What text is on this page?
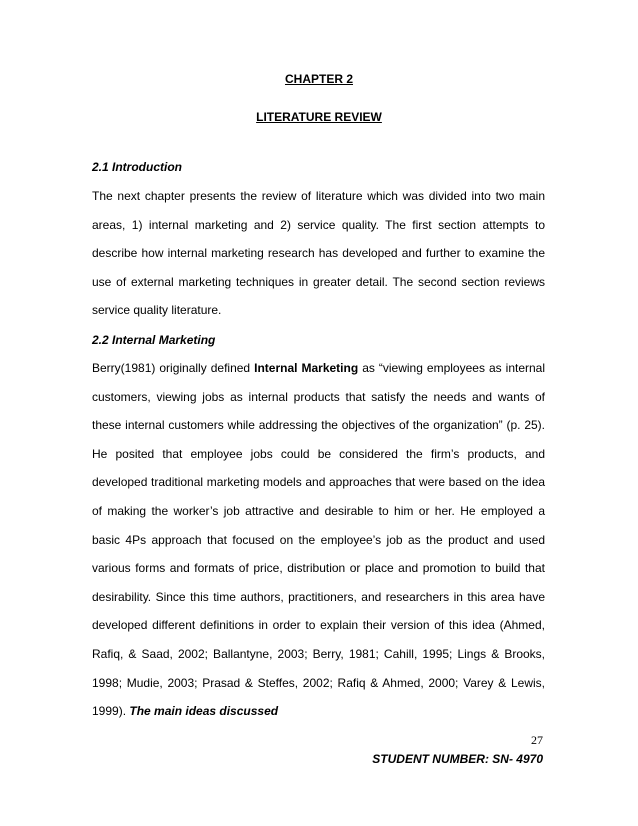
CHAPTER 2

LITERATURE REVIEW

2.1 Introduction

The next chapter presents the review of literature which was divided into two main areas, 1) internal marketing and 2) service quality. The first section attempts to describe how internal marketing research has developed and further to examine the use of external marketing techniques in greater detail. The second section reviews service quality literature.

2.2 Internal Marketing

Berry(1981) originally defined Internal Marketing as “viewing employees as internal customers, viewing jobs as internal products that satisfy the needs and wants of these internal customers while addressing the objectives of the organization” (p. 25). He posited that employee jobs could be considered the firm’s products, and developed traditional marketing models and approaches that were based on the idea of making the worker’s job attractive and desirable to him or her. He employed a basic 4Ps approach that focused on the employee’s job as the product and used various forms and formats of price, distribution or place and promotion to build that desirability. Since this time authors, practitioners, and researchers in this area have developed different definitions in order to explain their version of this idea (Ahmed, Rafiq, & Saad, 2002; Ballantyne, 2003; Berry, 1981; Cahill, 1995; Lings & Brooks, 1998; Mudie, 2003; Prasad & Steffes, 2002; Rafiq & Ahmed, 2000; Varey & Lewis, 1999). The main ideas discussed

27

STUDENT NUMBER: SN- 4970
